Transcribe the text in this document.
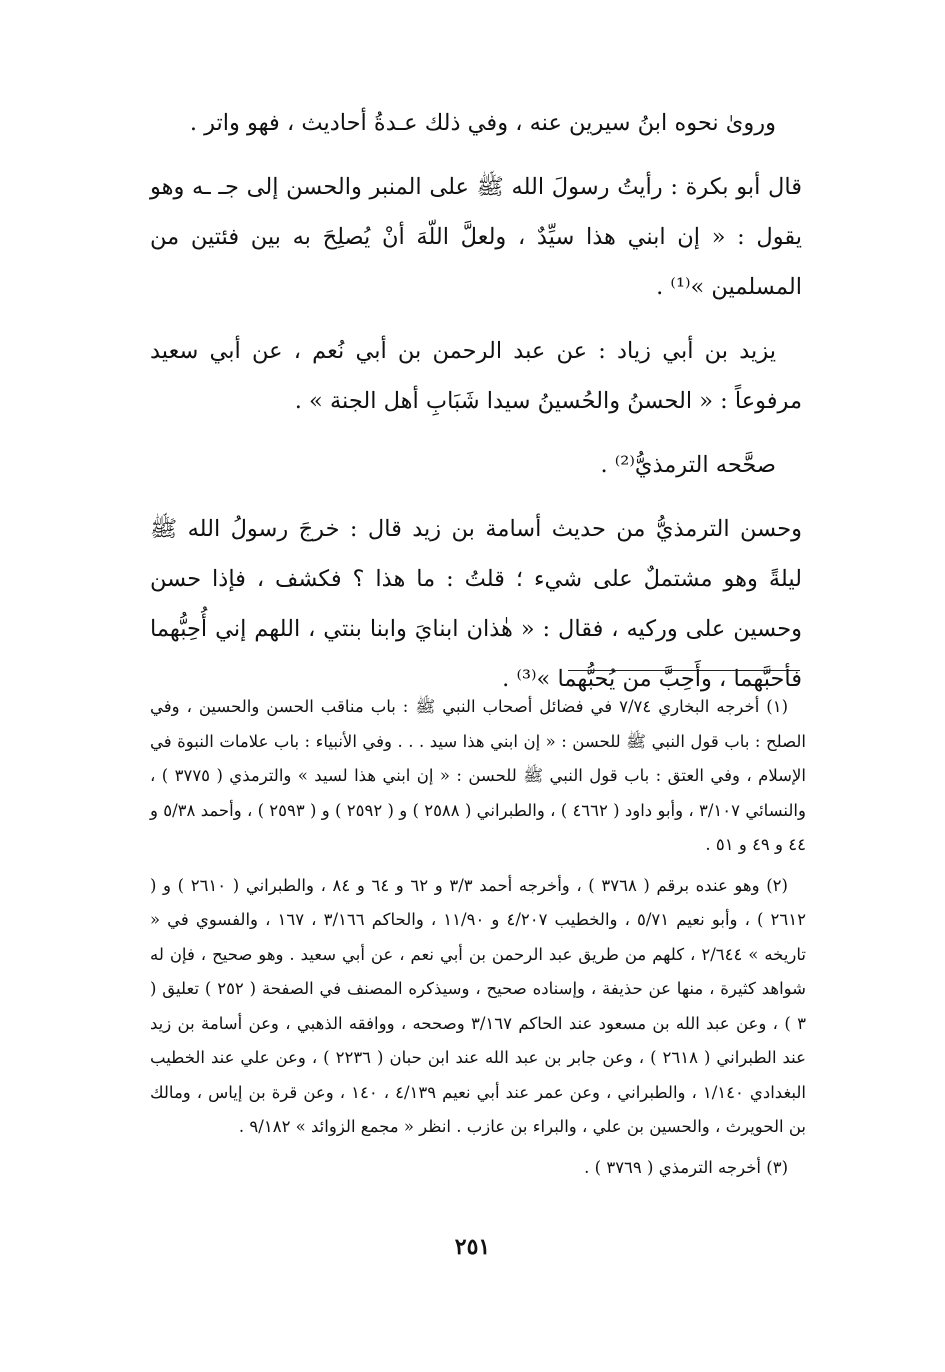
ورویٰ نحوه ابنُ سيرين عنه ، وفي ذلك عـدةُ أحاديث ، فهو واتر .

قال أبو بكرة : رأيتُ رسولَ الله ﷺ على المنبر والحسن إلى جـ ـه وهو يقول : « إن ابني هذا سيِّدٌ ، ولعلَّ اللّهَ أنْ يُصلِحَ به بين فئتين من المسلمين »⁽¹⁾ .

يزيد بن أبي زياد : عن عبد الرحمن بن أبي نُعم ، عن أبي سعيد مرفوعاً : « الحسنُ والحُسينُ سيدا شَبَابِ أهل الجنة » .

صحَّحه الترمذيُّ⁽²⁾ .

وحسن الترمذيُّ من حديث أسامة بن زيد قال : خرجَ رسولُ الله ﷺ ليلةً وهو مشتملٌ على شيء ؛ قلتُ : ما هذا ؟ فكشف ، فإذا حسن وحسين على وركيه ، فقال : « هٰذان ابنايَ وابنا بنتي ، اللهم إني أُحِبُّهما فأحبَّهما ، وأَحِبَّ من يُحبُّهما »⁽³⁾ .

(١) أخرجه البخاري ٧/٧٤ في فضائل أصحاب النبي ﷺ : باب مناقب الحسن والحسين ، وفي الصلح : باب قول النبي ﷺ للحسن : « إن ابني هذا سيد . . . وفي الأنبياء : باب علامات النبوة في الإسلام ، وفي العتق : باب قول النبي ﷺ للحسن : « إن ابني هذا لسيد » والترمذي ( ٣٧٧٥ ) ، والنسائي ٣/١٠٧ ، وأبو داود ( ٤٦٦٢ ) ، والطبراني ( ٢٥٨٨ ) و ( ٢٥٩٢ ) و ( ٢٥٩٣ ) ، وأحمد ٥/٣٨ و ٤٤ و ٤٩ و ٥١ .

(٢) وهو عنده برقم ( ٣٧٦٨ ) ، وأخرجه أحمد ٣/٣ و ٦٢ و ٦٤ و ٨٤ ، والطبراني ( ٢٦١٠ ) و ( ٢٦١٢ ) ، وأبو نعيم ٥/٧١ ، والخطيب ٤/٢٠٧ و ١١/٩٠ ، والحاكم ٣/١٦٦ ، ١٦٧ ، والفسوي في « تاريخه » ٢/٦٤٤ ، كلهم من طريق عبد الرحمن بن أبي نعم ، عن أبي سعيد . وهو صحيح ، فإن له شواهد كثيرة ، منها عن حذيفة ، وإسناده صحيح ، وسيذكره المصنف في الصفحة ( ٢٥٢ ) تعليق ( ٣ ) ، وعن عبد الله بن مسعود عند الحاكم ٣/١٦٧ وصححه ، ووافقه الذهبي ، وعن أسامة بن زيد عند الطبراني ( ٢٦١٨ ) ، وعن جابر بن عبد الله عند ابن حبان ( ٢٢٣٦ ) ، وعن علي عند الخطيب البغدادي ١/١٤٠ ، والطبراني ، وعن عمر عند أبي نعيم ٤/١٣٩ ، ١٤٠ ، وعن قرة بن إياس ، ومالك بن الحويرث ، والحسين بن علي ، والبراء بن عازب . انظر « مجمع الزوائد » ٩/١٨٢ .

(٣) أخرجه الترمذي ( ٣٧٦٩ ) .

٢٥١
